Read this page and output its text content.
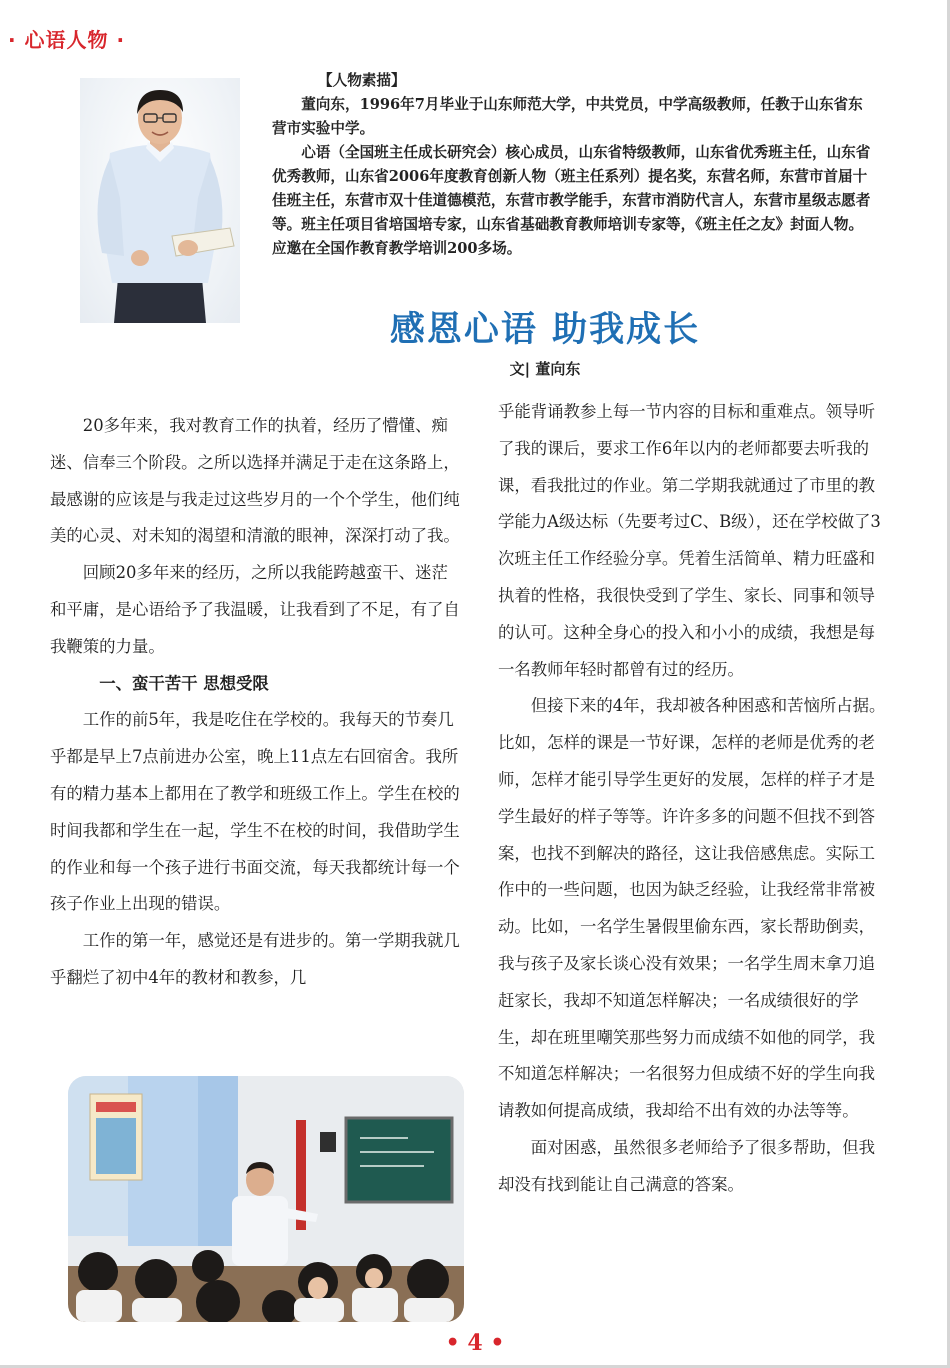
· 心语人物 ·

【人物素描】

董向东，1996年7月毕业于山东师范大学，中共党员，中学高级教师，任教于山东省东营市实验中学。

心语（全国班主任成长研究会）核心成员，山东省特级教师，山东省优秀班主任，山东省优秀教师，山东省2006年度教育创新人物（班主任系列）提名奖，东营名师，东营市首届十佳班主任，东营市双十佳道德模范，东营市教学能手，东营市消防代言人，东营市星级志愿者等。班主任项目省培国培专家，山东省基础教育教师培训专家等，《班主任之友》封面人物。应邀在全国作教育教学培训200多场。

感恩心语 助我成长
文| 董向东

20多年来，我对教育工作的执着，经历了懵懂、痴迷、信奉三个阶段。之所以选择并满足于走在这条路上，最感谢的应该是与我走过这些岁月的一个个学生，他们纯美的心灵、对未知的渴望和清澈的眼神，深深打动了我。

回顾20多年来的经历，之所以我能跨越蛮干、迷茫和平庸，是心语给予了我温暖，让我看到了不足，有了自我鞭策的力量。

一、蛮干苦干 思想受限

工作的前5年，我是吃住在学校的。我每天的节奏几乎都是早上7点前进办公室，晚上11点左右回宿舍。我所有的精力基本上都用在了教学和班级工作上。学生在校的时间我都和学生在一起，学生不在校的时间，我借助学生的作业和每一个孩子进行书面交流，每天我都统计每一个孩子作业上出现的错误。

工作的第一年，感觉还是有进步的。第一学期我就几乎翻烂了初中4年的教材和教参，几

乎能背诵教参上每一节内容的目标和重难点。领导听了我的课后，要求工作6年以内的老师都要去听我的课，看我批过的作业。第二学期我就通过了市里的教学能力A级达标（先要考过C、B级），还在学校做了3次班主任工作经验分享。凭着生活简单、精力旺盛和执着的性格，我很快受到了学生、家长、同事和领导的认可。这种全身心的投入和小小的成绩，我想是每一名教师年轻时都曾有过的经历。

但接下来的4年，我却被各种困惑和苦恼所占据。比如，怎样的课是一节好课，怎样的老师是优秀的老师，怎样才能引导学生更好的发展，怎样的样子才是学生最好的样子等等。许许多多的问题不但找不到答案，也找不到解决的路径，这让我倍感焦虑。实际工作中的一些问题，也因为缺乏经验，让我经常非常被动。比如，一名学生暑假里偷东西，家长帮助倒卖，我与孩子及家长谈心没有效果；一名学生周末拿刀追赶家长，我却不知道怎样解决；一名成绩很好的学生，却在班里嘲笑那些努力而成绩不如他的同学，我不知道怎样解决；一名很努力但成绩不好的学生向我请教如何提高成绩，我却给不出有效的办法等等。

面对困惑，虽然很多老师给予了很多帮助，但我却没有找到能让自己满意的答案。

• 4 •
